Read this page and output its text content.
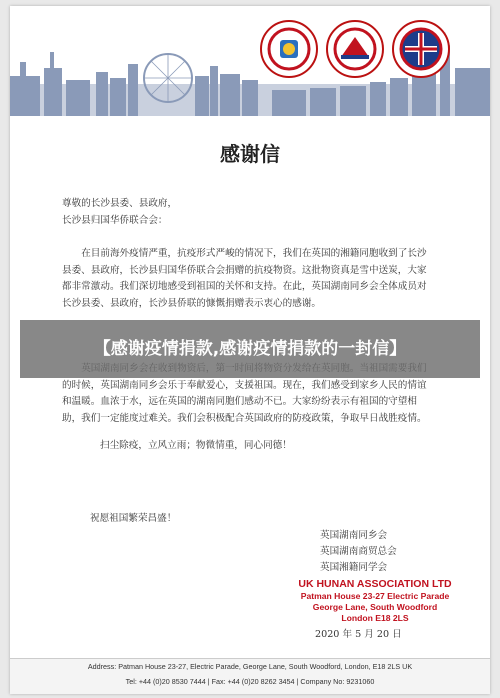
感谢信
尊敬的长沙县委、县政府，
长沙县归国华侨联合会：
在目前海外疫情严重，抗疫形式严峻的情况下，我们在英国的湘籍同胞收到了长沙县委、县政府，长沙县归国华侨联合会捐赠的抗疫物资。这批物资真是雪中送炭，大家都非常激动。我们深切地感受到祖国的关怀和支持。在此，英国湖南同乡会全体成员对长沙县委、县政府，长沙县侨联的慷慨捐赠表示衷心的感谢。
的时候，英国湖南同乡会乐于奉献爱心，支援祖国。现在，我们感受到家乡人民的情谊和温暖。血浓于水，远在英国的湖南同胞们感动不已。大家纷纷表示有祖国的守望相助，我们一定能度过难关。我们会积极配合英国政府的防疫政策，争取早日战胜疫情。
扫尘除疫，立风立雨；物微情重，同心同德！
祝愿祖国繁荣昌盛！
英国湖南同乡会
英国湖南商贸总会
英国湘籍同学会
UK HUNAN ASSOCIATION LTD
Patman House 23-27 Electric Parade
George Lane, South Woodford
London E18 2LS
2020 年 5 月 20 日
Address: Patman House 23-27, Electric Parade, George Lane, South Woodford, London, E18 2LS UK
Tel: +44 (0)20 8530 7444 | Fax: +44 (0)20 8262 3454 | Company No: 9231060
【感谢疫情捐款,感谢疫情捐款的一封信】
